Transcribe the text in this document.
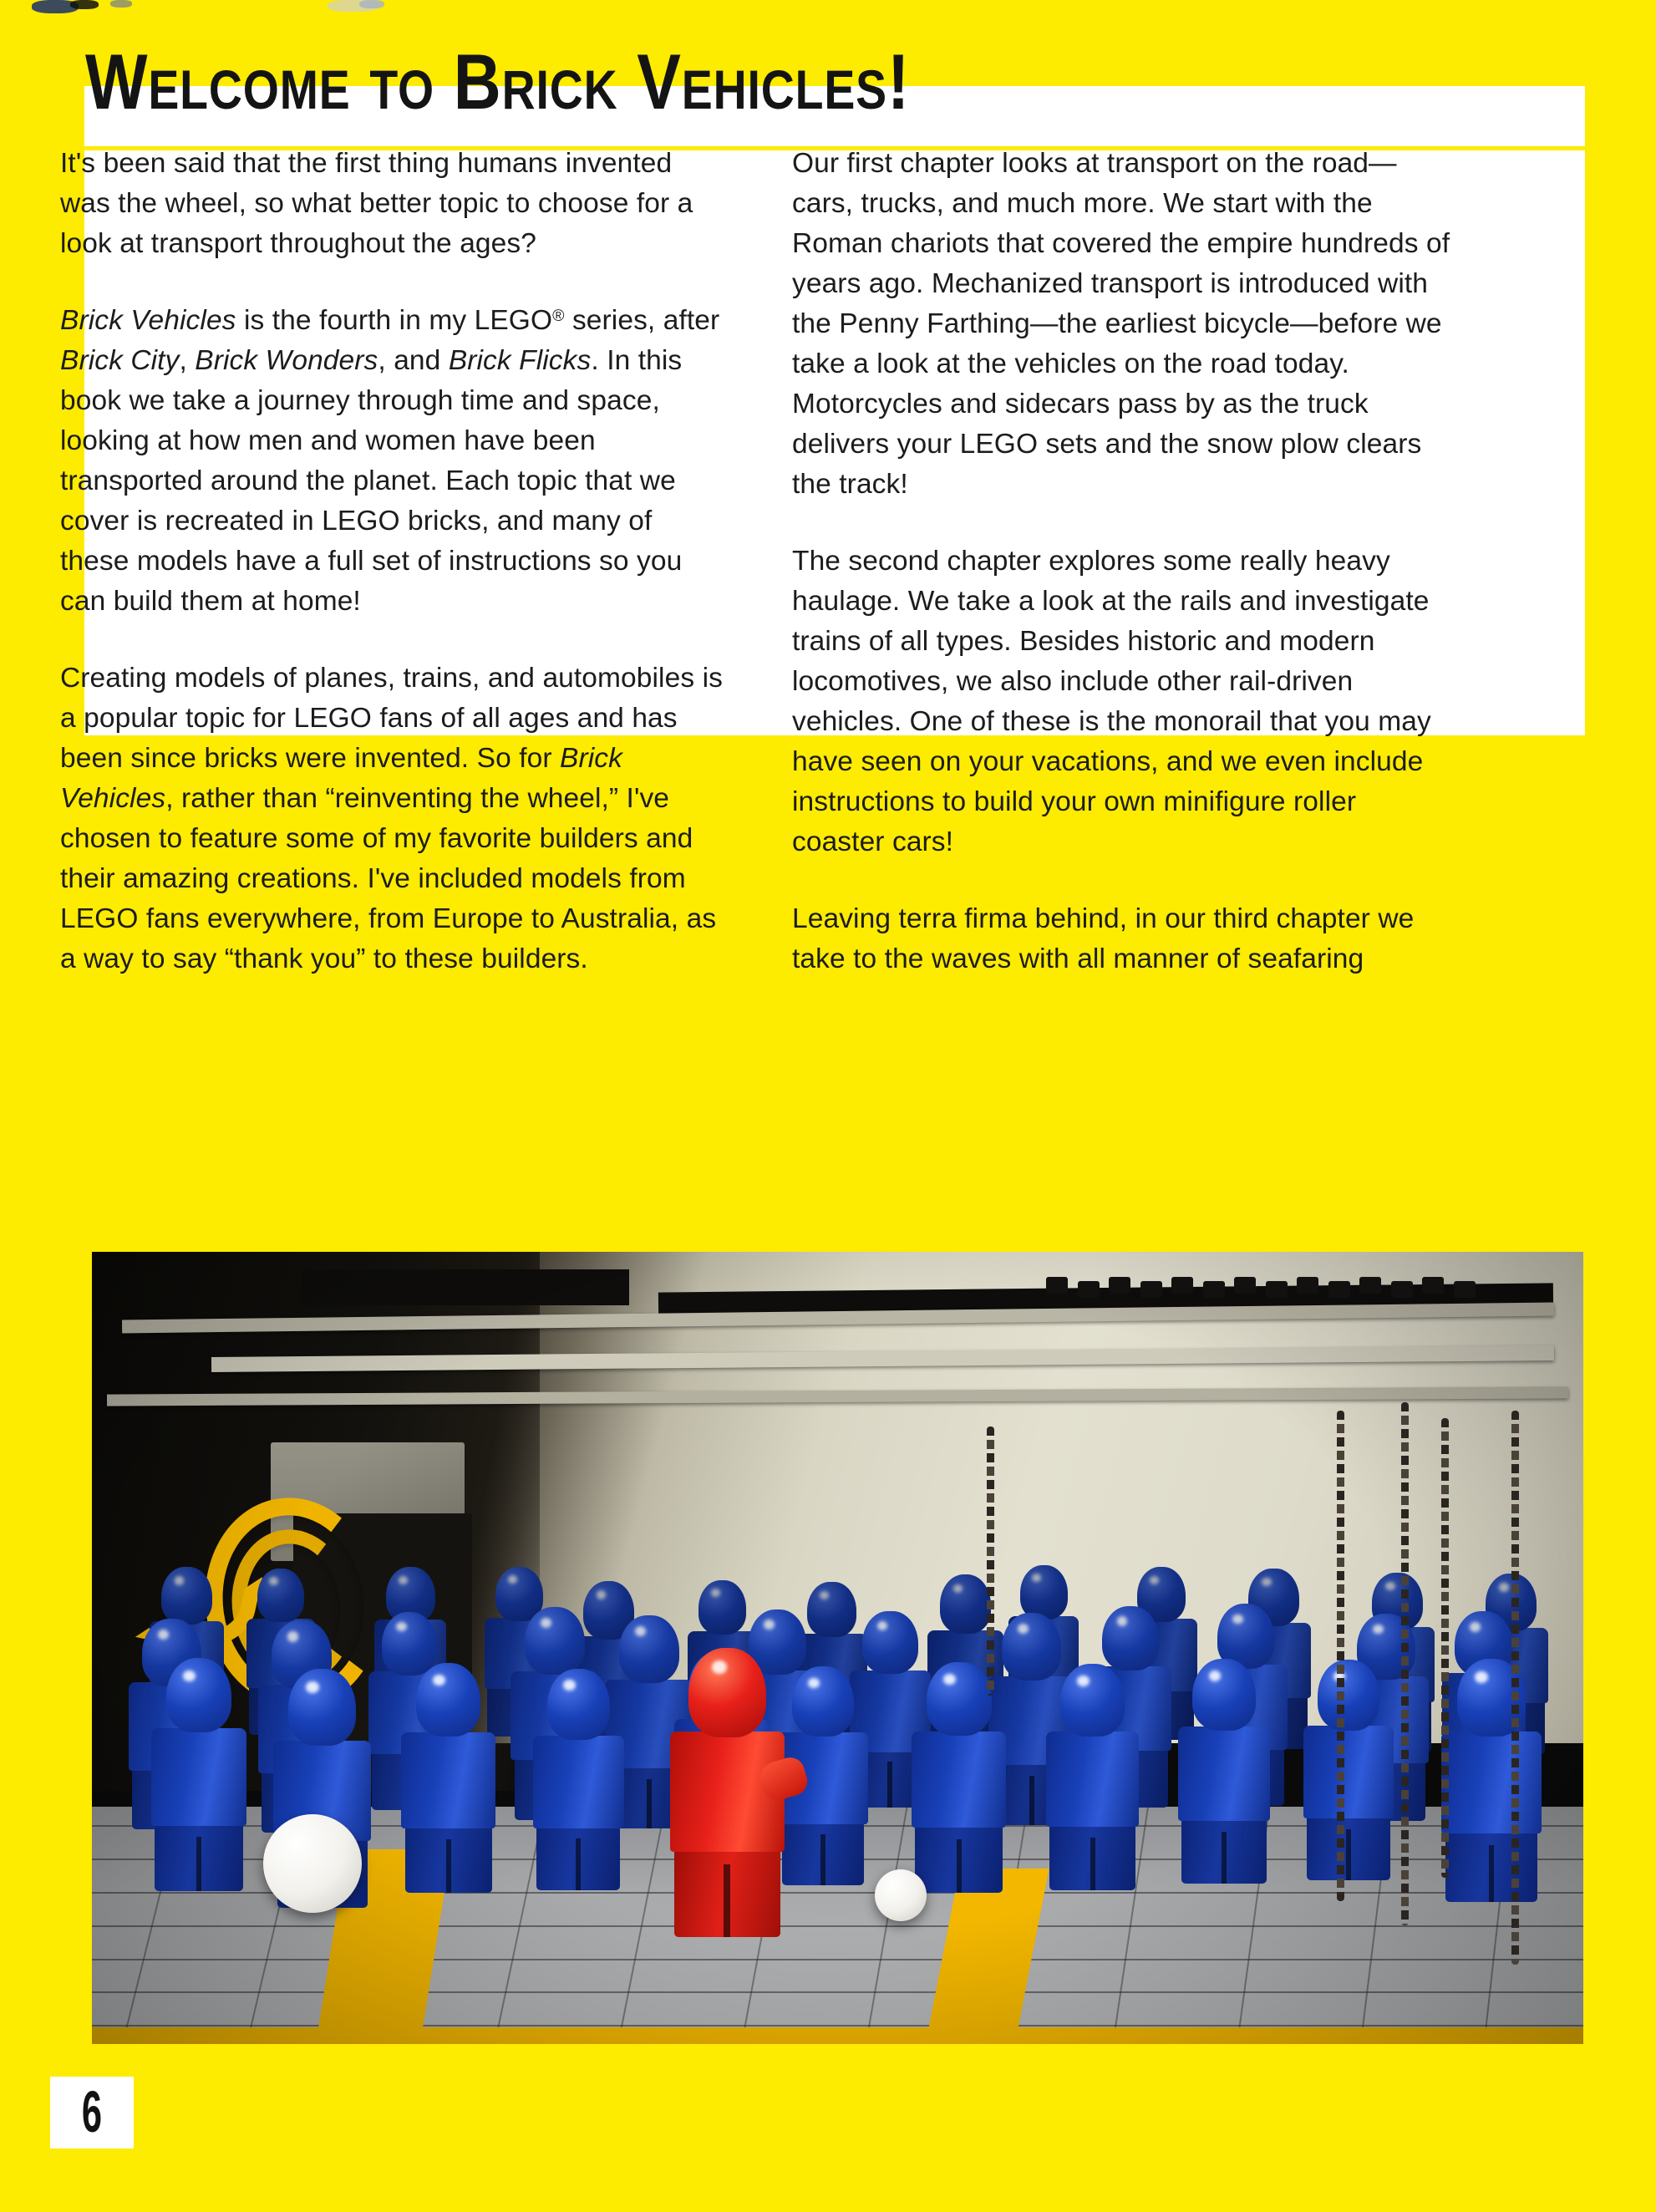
Welcome to Brick Vehicles!

It's been said that the first thing humans invented was the wheel, so what better topic to choose for a look at transport throughout the ages?

Brick Vehicles is the fourth in my LEGO® series, after Brick City, Brick Wonders, and Brick Flicks. In this book we take a journey through time and space, looking at how men and women have been transported around the planet. Each topic that we cover is recreated in LEGO bricks, and many of these models have a full set of instructions so you can build them at home!

Creating models of planes, trains, and automobiles is a popular topic for LEGO fans of all ages and has been since bricks were invented. So for Brick Vehicles, rather than “reinventing the wheel,” I've chosen to feature some of my favorite builders and their amazing creations. I've included models from LEGO fans everywhere, from Europe to Australia, as a way to say “thank you” to these builders.

Our first chapter looks at transport on the road—cars, trucks, and much more. We start with the Roman chariots that covered the empire hundreds of years ago. Mechanized transport is introduced with the Penny Farthing—the earliest bicycle—before we take a look at the vehicles on the road today. Motorcycles and sidecars pass by as the truck delivers your LEGO sets and the snow plow clears the track!

The second chapter explores some really heavy haulage. We take a look at the rails and investigate trains of all types. Besides historic and modern locomotives, we also include other rail-driven vehicles. One of these is the monorail that you may have seen on your vacations, and we even include instructions to build your own minifigure roller coaster cars!

Leaving terra firma behind, in our third chapter we take to the waves with all manner of seafaring

6
